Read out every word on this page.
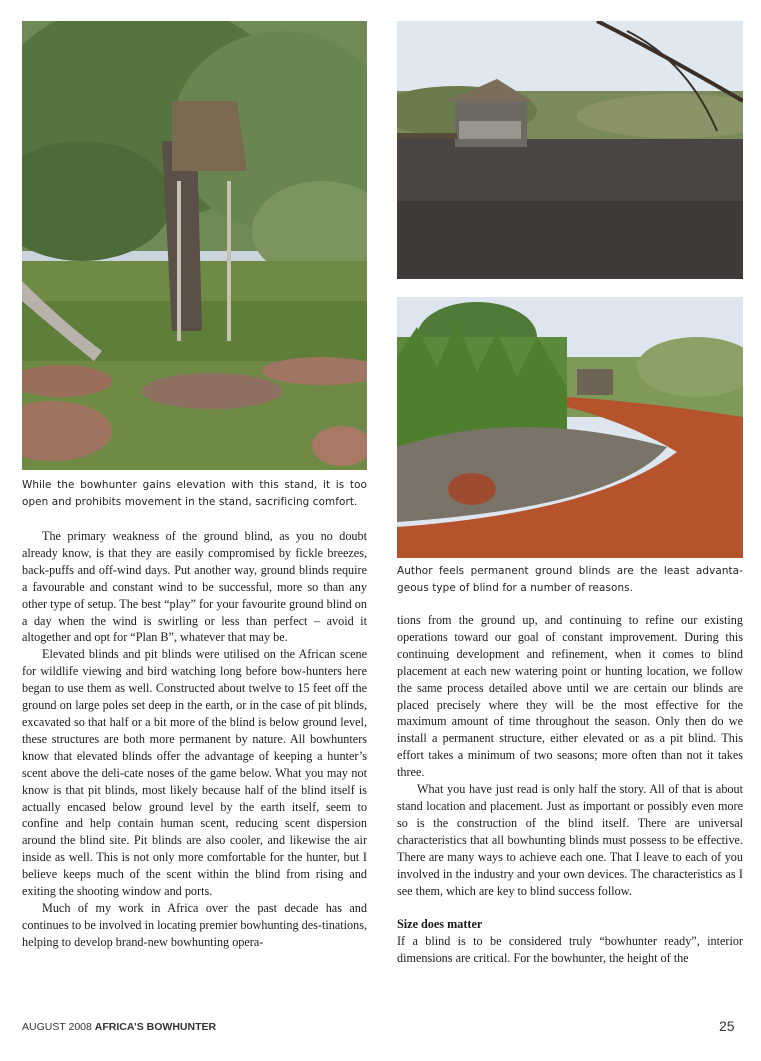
While the bowhunter gains elevation with this stand, it is too open and prohibits movement in the stand, sacrificing comfort.
Author feels permanent ground blinds are the least advanta-geous type of blind for a number of reasons.

The primary weakness of the ground blind, as you no doubt already know, is that they are easily compromised by fickle breezes, back-puffs and off-wind days. Put another way, ground blinds require a favourable and constant wind to be successful, more so than any other type of setup. The best “play” for your favourite ground blind on a day when the wind is swirling or less than perfect – avoid it altogether and opt for “Plan B”, whatever that may be.

Elevated blinds and pit blinds were utilised on the African scene for wildlife viewing and bird watching long before bow-hunters here began to use them as well. Constructed about twelve to 15 feet off the ground on large poles set deep in the earth, or in the case of pit blinds, excavated so that half or a bit more of the blind is below ground level, these structures are both more permanent by nature. All bowhunters know that elevated blinds offer the advantage of keeping a hunter’s scent above the deli-cate noses of the game below. What you may not know is that pit blinds, most likely because half of the blind itself is actually encased below ground level by the earth itself, seem to confine and help contain human scent, reducing scent dispersion around the blind site. Pit blinds are also cooler, and likewise the air inside as well. This is not only more comfortable for the hunter, but I believe keeps much of the scent within the blind from rising and exiting the shooting window and ports.

Much of my work in Africa over the past decade has and continues to be involved in locating premier bowhunting des-tinations, helping to develop brand-new bowhunting opera-

tions from the ground up, and continuing to refine our existing operations toward our goal of constant improvement. During this continuing development and refinement, when it comes to blind placement at each new watering point or hunting location, we follow the same process detailed above until we are certain our blinds are placed precisely where they will be the most effective for the maximum amount of time throughout the season. Only then do we install a permanent structure, either elevated or as a pit blind. This effort takes a minimum of two seasons; more often than not it takes three.

What you have just read is only half the story. All of that is about stand location and placement. Just as important or possibly even more so is the construction of the blind itself. There are universal characteristics that all bowhunting blinds must possess to be effective. There are many ways to achieve each one. That I leave to each of you involved in the industry and your own devices. The characteristics as I see them, which are key to blind success follow.

Size does matter

If a blind is to be considered truly “bowhunter ready”, interior dimensions are critical. For the bowhunter, the height of the

AUGUST 2008 AFRICA’S BOWHUNTER	25
